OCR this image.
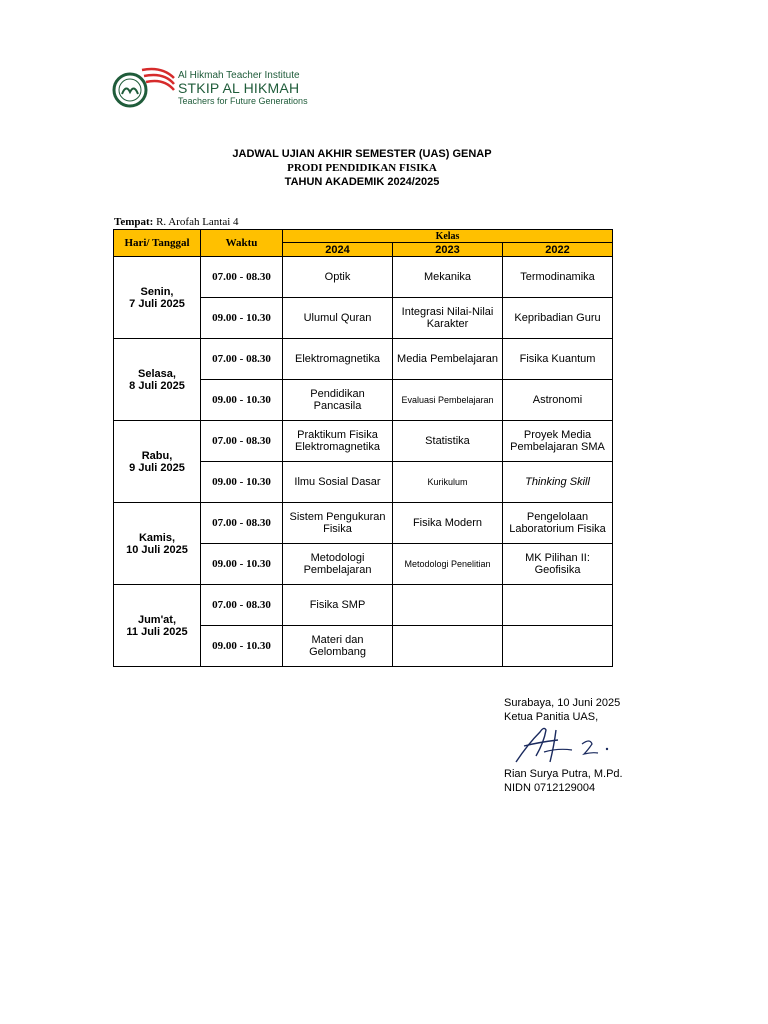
Al Hikmah Teacher Institute
STKIP AL HIKMAH
Teachers for Future Generations
JADWAL UJIAN AKHIR SEMESTER (UAS) GENAP
PRODI PENDIDIKAN FISIKA
TAHUN AKADEMIK 2024/2025
Tempat: R. Arofah Lantai 4
Hari/ Tanggal	Waktu	Kelas		
		2024	2023	2022
Senin,
7 Juli 2025	07.00 - 08.30	Optik	Mekanika	Termodinamika
	09.00 - 10.30	Ulumul Quran	Integrasi Nilai-Nilai Karakter	Kepribadian Guru
Selasa,
8 Juli 2025	07.00 - 08.30	Elektromagnetika	Media Pembelajaran	Fisika Kuantum
	09.00 - 10.30	Pendidikan Pancasila	Evaluasi Pembelajaran	Astronomi
Rabu,
9 Juli 2025	07.00 - 08.30	Praktikum Fisika Elektromagnetika	Statistika	Proyek Media Pembelajaran SMA
	09.00 - 10.30	Ilmu Sosial Dasar	Kurikulum	Thinking Skill
Kamis,
10 Juli 2025	07.00 - 08.30	Sistem Pengukuran Fisika	Fisika Modern	Pengelolaan Laboratorium Fisika
	09.00 - 10.30	Metodologi Pembelajaran	Metodologi Penelitian	MK Pilihan II: Geofisika
Jum'at,
11 Juli 2025	07.00 - 08.30	Fisika SMP		
	09.00 - 10.30	Materi dan Gelombang		
Surabaya, 10 Juni 2025
Ketua Panitia UAS,
Rian Surya Putra, M.Pd.
NIDN 0712129004
